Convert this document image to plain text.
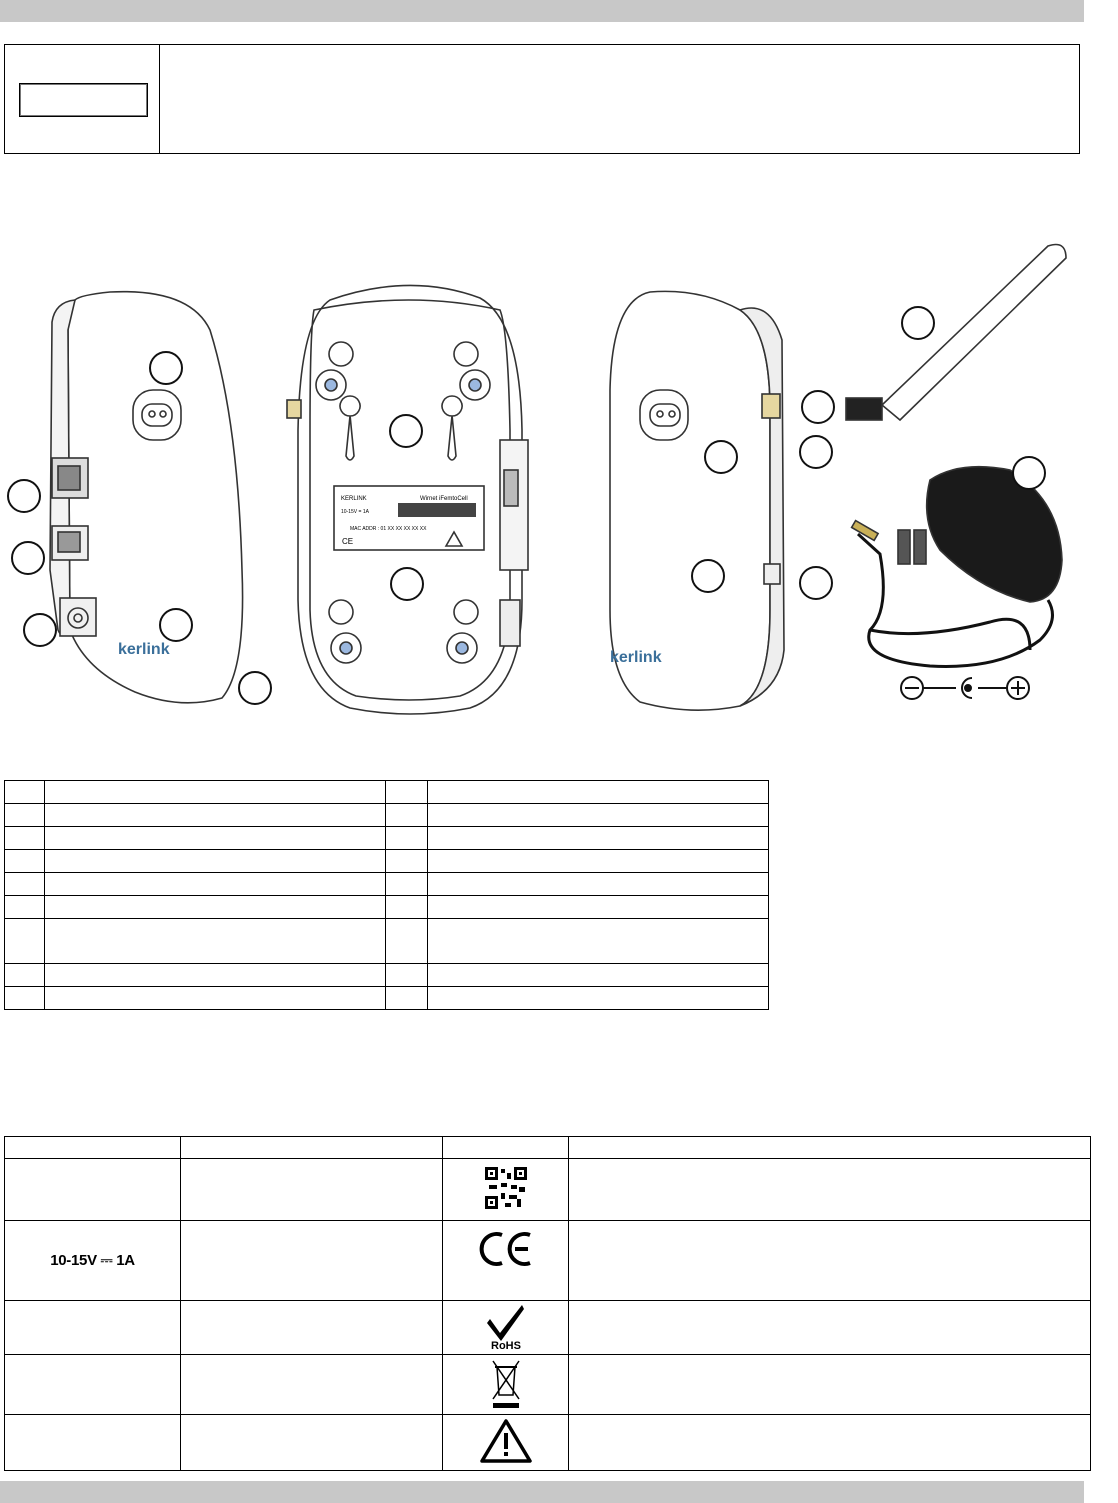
kerlink
KERLINK	Wirnet iFemtoCell
10-15V = 1A
MAC ADDR : 01 XX XX XX XX XX
CE
kerlink

10-15V ⎓ 1A			

RoHS	
